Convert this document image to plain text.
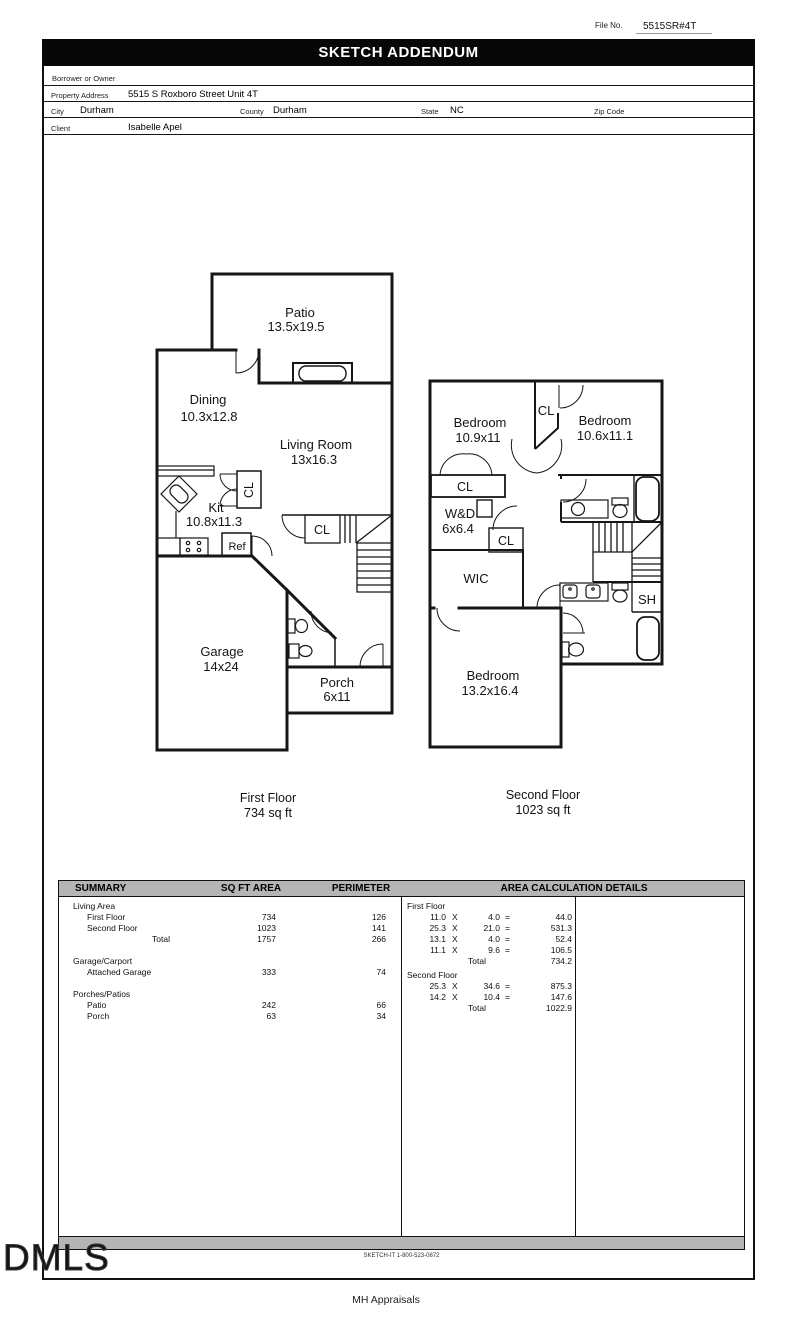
File No. 5515SR#4T
SKETCH ADDENDUM
Borrower or Owner
Property Address 5515 S Roxboro Street Unit 4T
City Durham	County Durham	State NC	Zip Code
Client	Isabelle Apel
Patio
13.5x19.5
Dining
10.3x12.8
Living Room
13x16.3
Kit
10.8x11.3
CL
Ref
CL
Garage
14x24
Porch
6x11
Bedroom
10.9x11
CL
Bedroom
10.6x11.1
CL
W&D
6x6.4
CL
WIC
SH
Bedroom
13.2x16.4
First Floor
734 sq ft
Second Floor
1023 sq ft
SUMMARY	SQ FT AREA	PERIMETER	AREA CALCULATION DETAILS
Living Area
First Floor	734	126
Second Floor	1023	141
Total	1757	266
Garage/Carport
Attached Garage	333	74
Porches/Patios
Patio	242	66
Porch	63	34
First Floor
11.0 X	4.0 =	44.0
25.3 X	21.0 =	531.3
13.1 X	4.0 =	52.4
11.1 X	9.6 =	106.5
Total	734.2
Second Floor
25.3 X	34.6 =	875.3
14.2 X	10.4 =	147.6
Total	1022.9
SKETCH-IT 1-800-523-0872
DMLS
MH Appraisals
